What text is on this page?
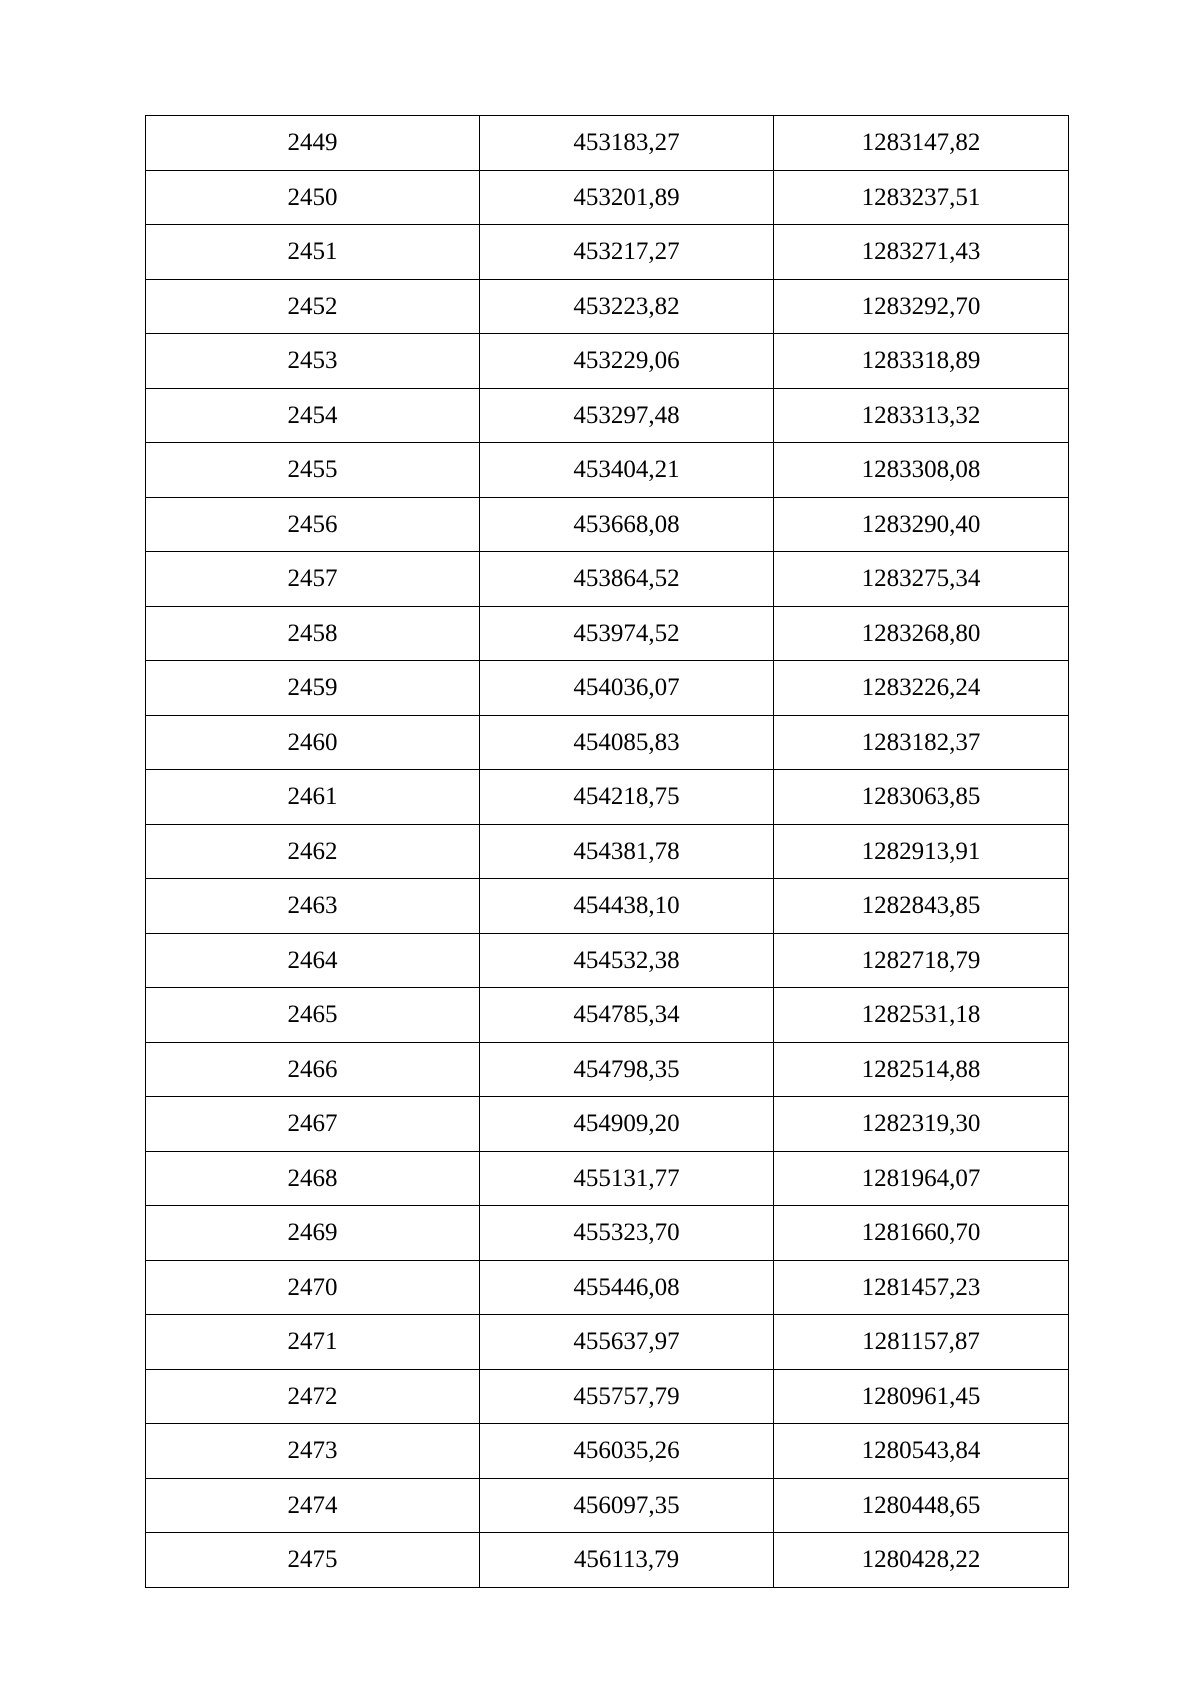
2449	453183,27	1283147,82
2450	453201,89	1283237,51
2451	453217,27	1283271,43
2452	453223,82	1283292,70
2453	453229,06	1283318,89
2454	453297,48	1283313,32
2455	453404,21	1283308,08
2456	453668,08	1283290,40
2457	453864,52	1283275,34
2458	453974,52	1283268,80
2459	454036,07	1283226,24
2460	454085,83	1283182,37
2461	454218,75	1283063,85
2462	454381,78	1282913,91
2463	454438,10	1282843,85
2464	454532,38	1282718,79
2465	454785,34	1282531,18
2466	454798,35	1282514,88
2467	454909,20	1282319,30
2468	455131,77	1281964,07
2469	455323,70	1281660,70
2470	455446,08	1281457,23
2471	455637,97	1281157,87
2472	455757,79	1280961,45
2473	456035,26	1280543,84
2474	456097,35	1280448,65
2475	456113,79	1280428,22
